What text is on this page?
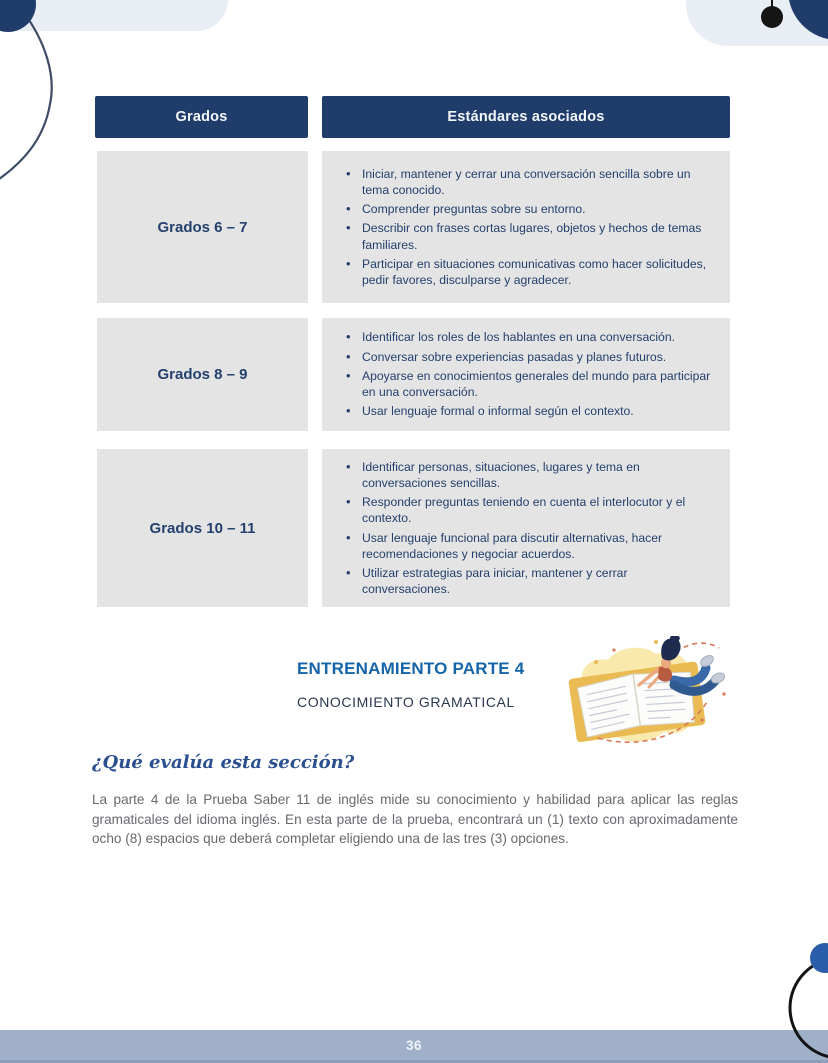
Grados	Estándares asociados
Grados 6 – 7
• Iniciar, mantener y cerrar una conversación sencilla sobre un tema conocido.
• Comprender preguntas sobre su entorno.
• Describir con frases cortas lugares, objetos y hechos de temas familiares.
• Participar en situaciones comunicativas como hacer solicitudes, pedir favores, disculparse y agradecer.
Grados 8 – 9
• Identificar los roles de los hablantes en una conversación.
• Conversar sobre experiencias pasadas y planes futuros.
• Apoyarse en conocimientos generales del mundo para participar en una conversación.
• Usar lenguaje formal o informal según el contexto.
Grados 10 – 11
• Identificar personas, situaciones, lugares y tema en conversaciones sencillas.
• Responder preguntas teniendo en cuenta el interlocutor y el contexto.
• Usar lenguaje funcional para discutir alternativas, hacer recomendaciones y negociar acuerdos.
• Utilizar estrategias para iniciar, mantener y cerrar conversaciones.
ENTRENAMIENTO PARTE 4
CONOCIMIENTO GRAMATICAL
¿Qué evalúa esta sección?

La parte 4 de la Prueba Saber 11 de inglés mide su conocimiento y habilidad para aplicar las reglas gramaticales del idioma inglés. En esta parte de la prueba, encontrará un (1) texto con aproximadamente ocho (8) espacios que deberá completar eligiendo una de las tres (3) opciones.

36
